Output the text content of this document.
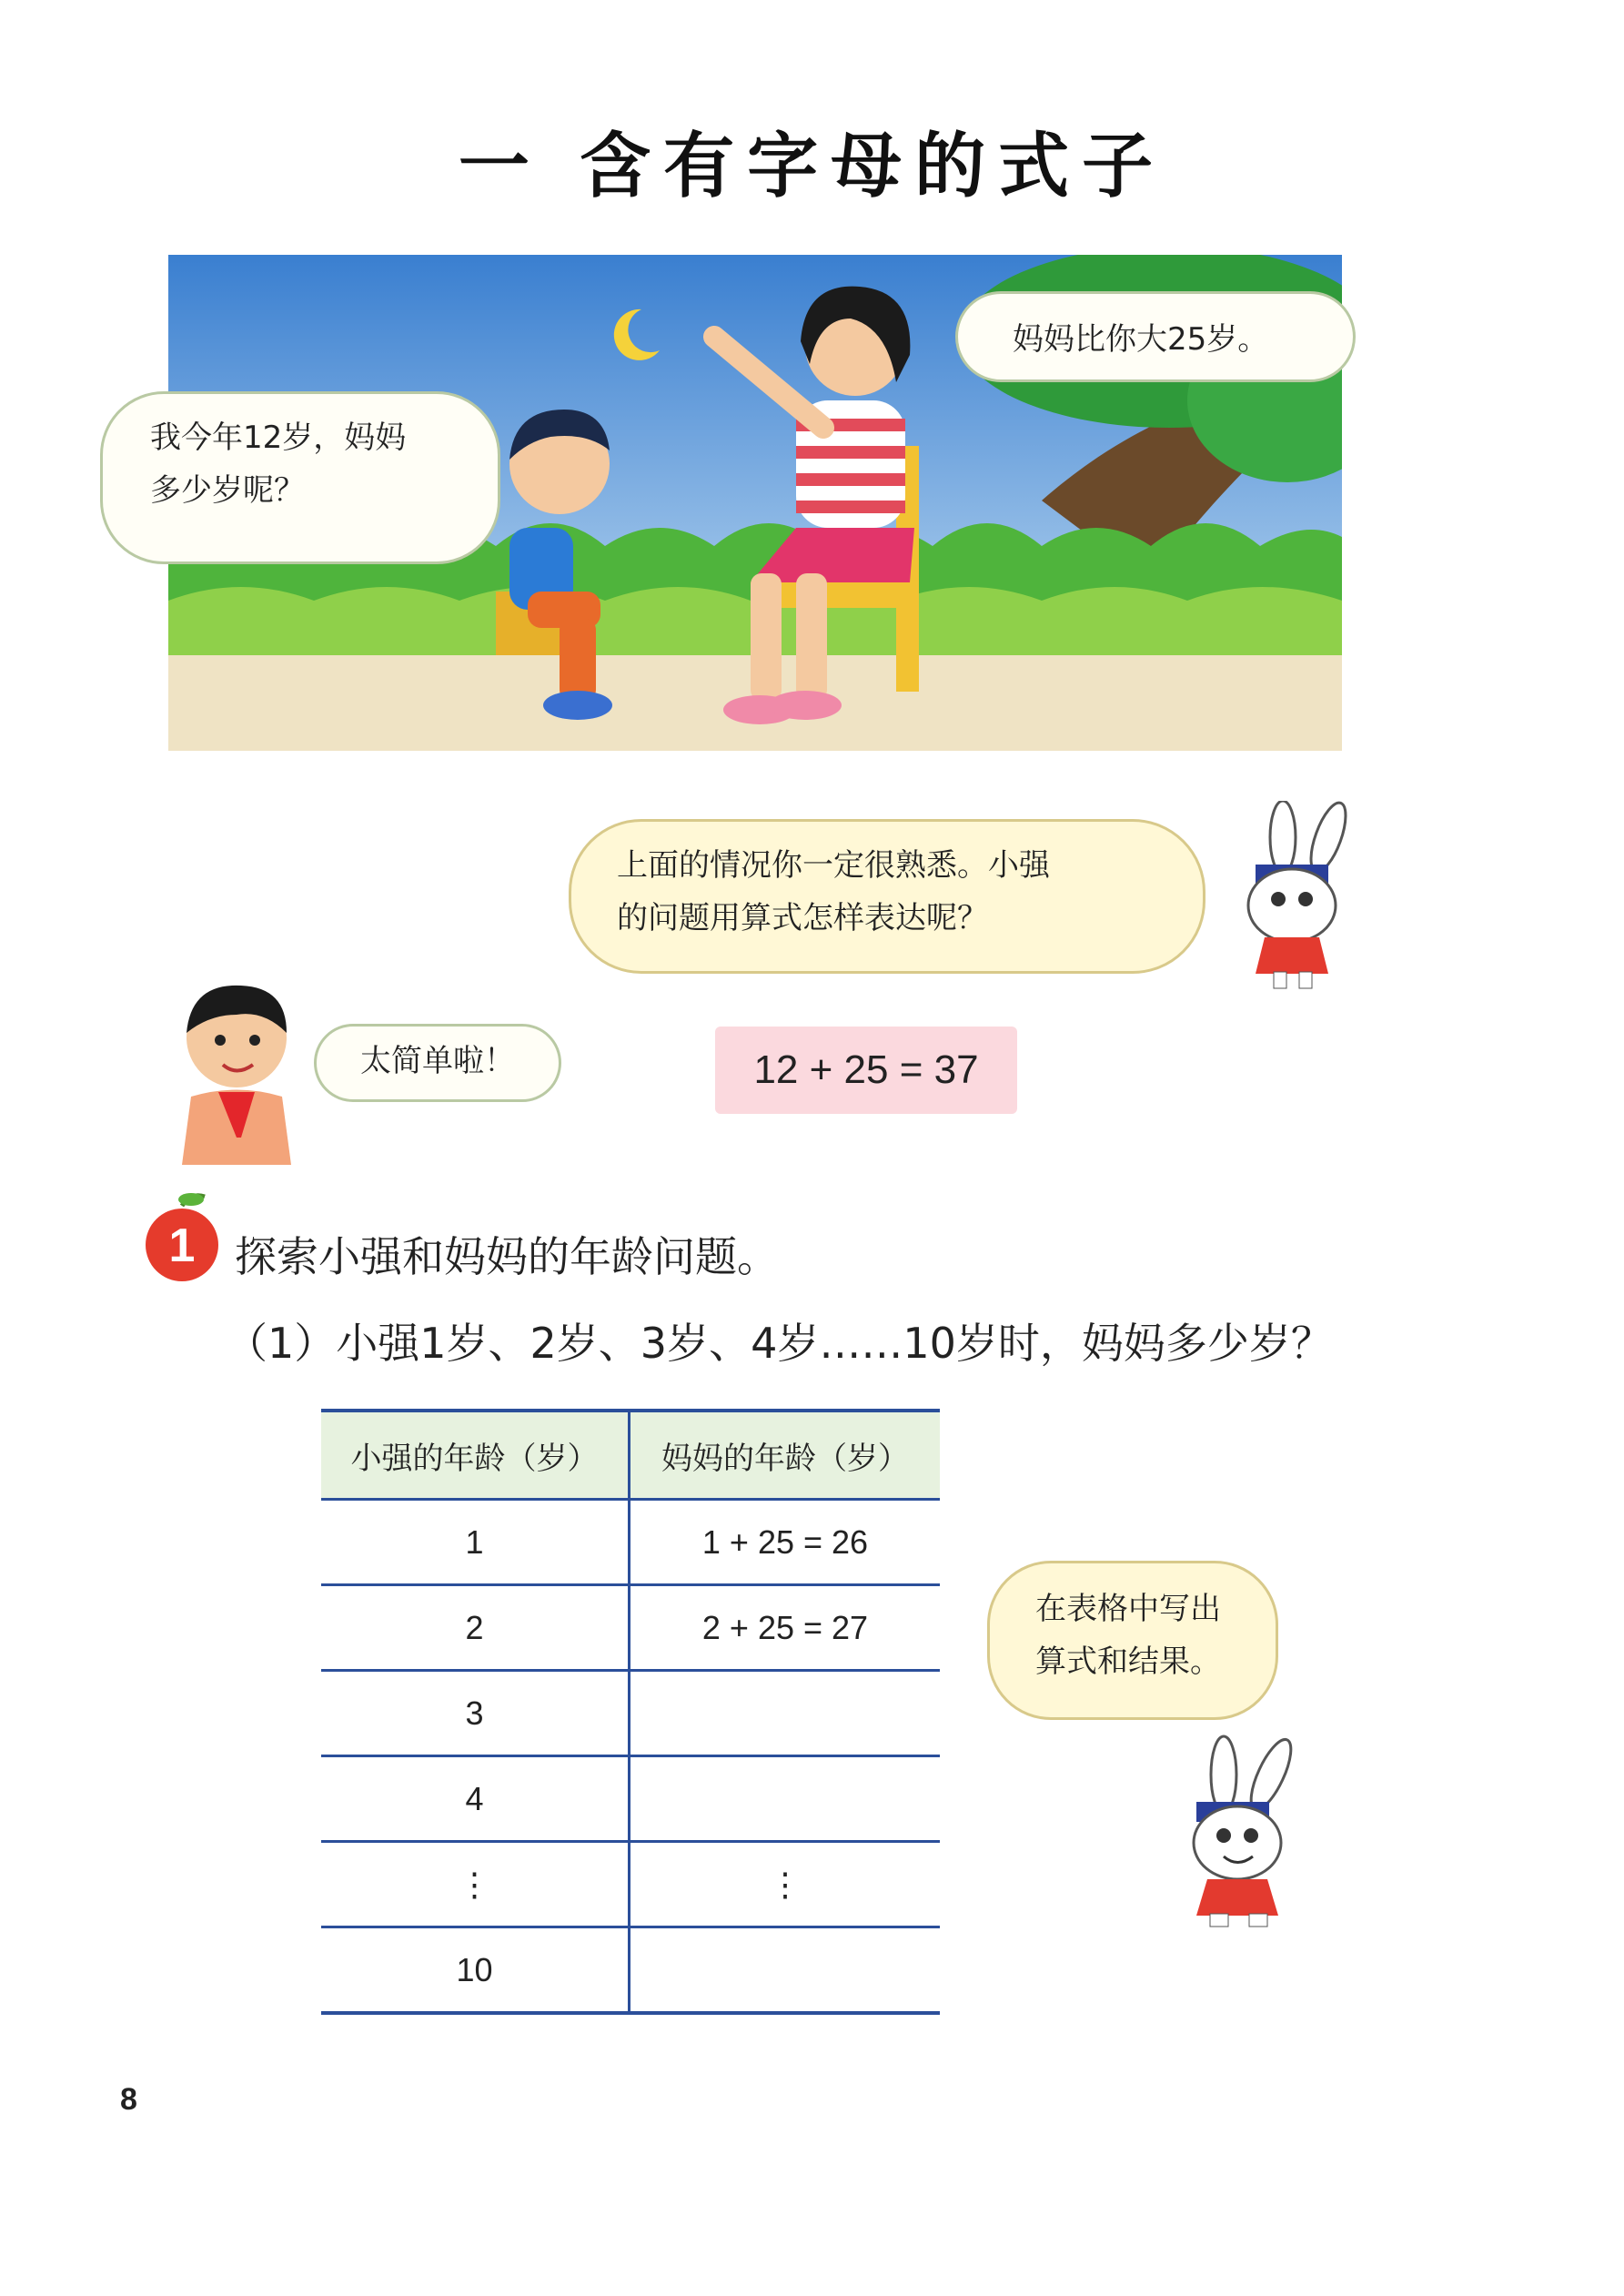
一 含有字母的式子
我今年12岁，妈妈
多少岁呢？
妈妈比你大25岁。
上面的情况你一定很熟悉。小强
的问题用算式怎样表达呢？
太简单啦！	12 + 25 = 37
1 探索小强和妈妈的年龄问题。
（1）小强1岁、2岁、3岁、4岁……10岁时，妈妈多少岁？
小强的年龄（岁）	妈妈的年龄（岁）
1	1 + 25 = 26
2	2 + 25 = 27
3	
4	
⋮	⋮
10	
在表格中写出
算式和结果。
8
